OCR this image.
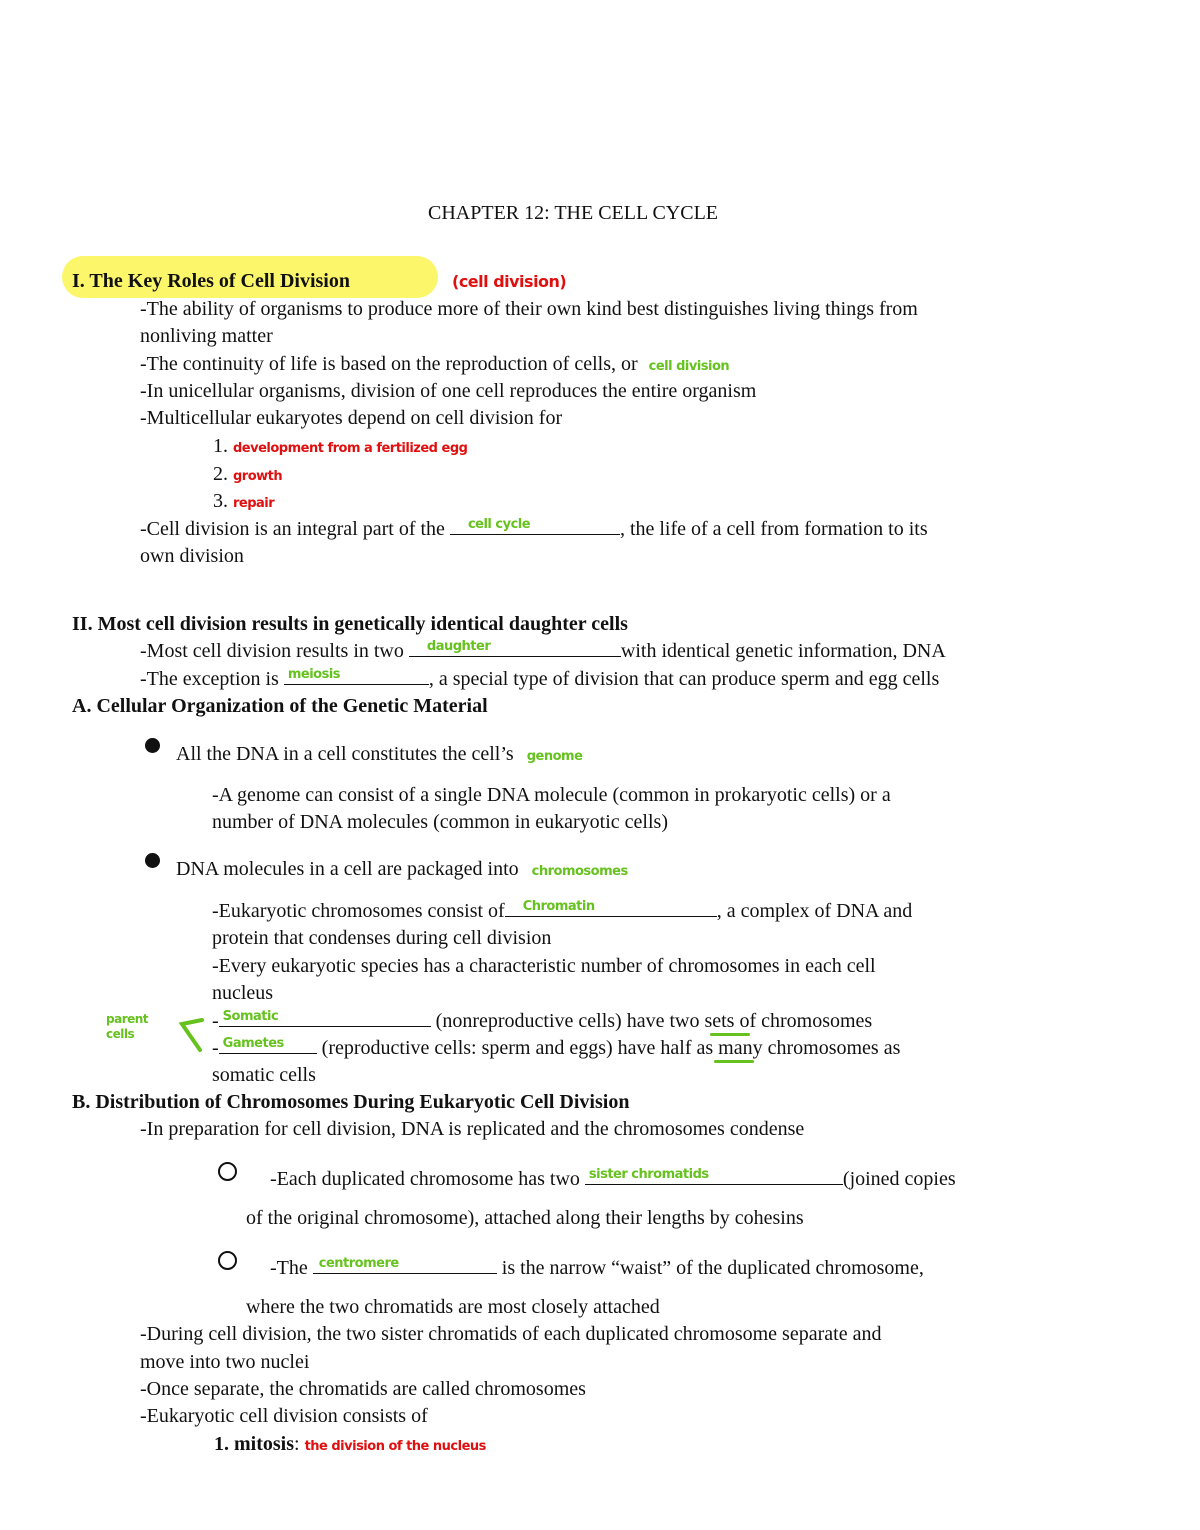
CHAPTER 12: THE CELL CYCLE
I. The Key Roles of Cell Division	(cell division)
-The ability of organisms to produce more of their own kind best distinguishes living things from
nonliving matter
-The continuity of life is based on the reproduction of cells, or cell division
-In unicellular organisms, division of one cell reproduces the entire organism
-Multicellular eukaryotes depend on cell division for
1. development from a fertilized egg
2. growth
3. repair
-Cell division is an integral part of the cell cycle	, the life of a cell from formation to its
own division
II. Most cell division results in genetically identical daughter cells
-Most cell division results in two daughter	with identical genetic information, DNA
-The exception is meiosis	, a special type of division that can produce sperm and egg cells
A. Cellular Organization of the Genetic Material
All the DNA in a cell constitutes the cell’s genome
-A genome can consist of a single DNA molecule (common in prokaryotic cells) or a
number of DNA molecules (common in eukaryotic cells)
DNA molecules in a cell are packaged into chromosomes
-Eukaryotic chromosomes consist of Chromatin	, a complex of DNA and
protein that condenses during cell division
-Every eukaryotic species has a characteristic number of chromosomes in each cell
nucleus
parent cells
- Somatic	(nonreproductive cells) have two sets of chromosomes
- Gametes (reproductive cells: sperm and eggs) have half as many chromosomes as
somatic cells
B. Distribution of Chromosomes During Eukaryotic Cell Division
-In preparation for cell division, DNA is replicated and the chromosomes condense
-Each duplicated chromosome has two sister chromatids	(joined copies
of the original chromosome), attached along their lengths by cohesins
-The centromere	is the narrow “waist” of the duplicated chromosome,
where the two chromatids are most closely attached
-During cell division, the two sister chromatids of each duplicated chromosome separate and
move into two nuclei
-Once separate, the chromatids are called chromosomes
-Eukaryotic cell division consists of
1. mitosis: the division of the nucleus
